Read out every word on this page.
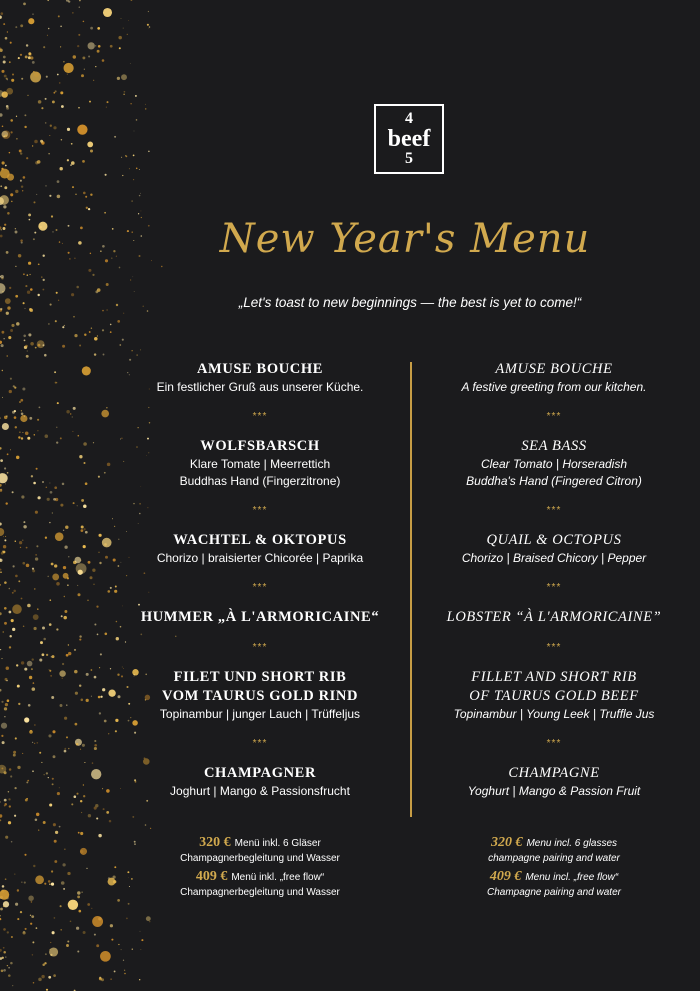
4
beef
5
New Year's Menu
„Let's toast to new beginnings — the best is yet to come!“
AMUSE BOUCHE
Ein festlicher Gruß aus unserer Küche.
***
WOLFSBARSCH
Klare Tomate | Meerrettich
Buddhas Hand (Fingerzitrone)
***
WACHTEL & OKTOPUS
Chorizo | braisierter Chicorée | Paprika
***
HUMMER „À L'ARMORICAINE“
***
FILET UND SHORT RIB
VOM TAURUS GOLD RIND
Topinambur | junger Lauch | Trüffeljus
***
CHAMPAGNER
Joghurt | Mango & Passionsfrucht
AMUSE BOUCHE
A festive greeting from our kitchen.
***
SEA BASS
Clear Tomato | Horseradish
Buddha's Hand (Fingered Citron)
***
QUAIL & OCTOPUS
Chorizo | Braised Chicory | Pepper
***
LOBSTER “À L'ARMORICAINE”
***
FILLET AND SHORT RIB
OF TAURUS GOLD BEEF
Topinambur | Young Leek | Truffle Jus
***
CHAMPAGNE
Yoghurt | Mango & Passion Fruit
320 € Menü inkl. 6 Gläser
Champagnerbegleitung und Wasser
409 € Menü inkl. „free flow“
Champagnerbegleitung und Wasser
320 € Menu incl. 6 glasses
champagne pairing and water
409 € Menu incl. „free flow“
Champagne pairing and water
